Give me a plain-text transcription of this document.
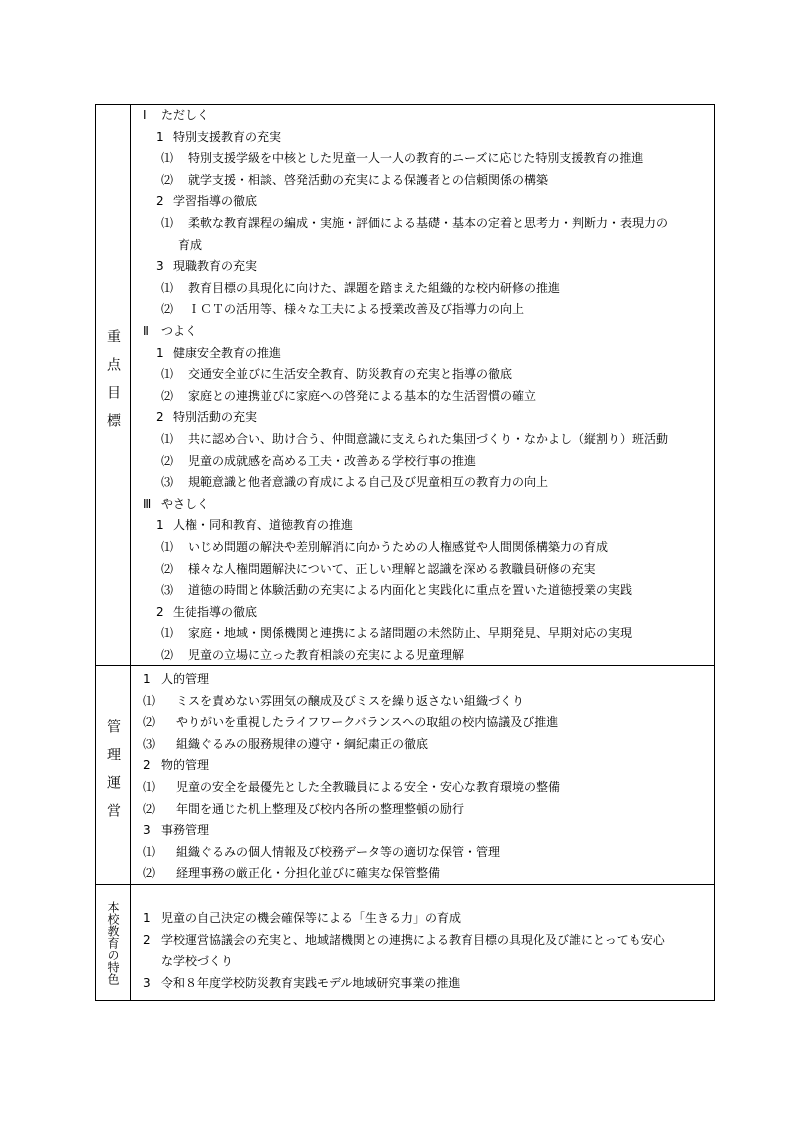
重点目標
Ⅰ ただしく
1 特別支援教育の充実
⑴ 特別支援学級を中核とした児童一人一人の教育的ニーズに応じた特別支援教育の推進
⑵ 就学支援・相談、啓発活動の充実による保護者との信頼関係の構築
2 学習指導の徹底
⑴ 柔軟な教育課程の編成・実施・評価による基礎・基本の定着と思考力・判断力・表現力の
育成
3 現職教育の充実
⑴ 教育目標の具現化に向けた、課題を踏まえた組織的な校内研修の推進
⑵ ＩＣＴの活用等、様々な工夫による授業改善及び指導力の向上
Ⅱ つよく
1 健康安全教育の推進
⑴ 交通安全並びに生活安全教育、防災教育の充実と指導の徹底
⑵ 家庭との連携並びに家庭への啓発による基本的な生活習慣の確立
2 特別活動の充実
⑴ 共に認め合い、助け合う、仲間意識に支えられた集団づくり・なかよし（縦割り）班活動
⑵ 児童の成就感を高める工夫・改善ある学校行事の推進
⑶ 規範意識と他者意識の育成による自己及び児童相互の教育力の向上
Ⅲ やさしく
1 人権・同和教育、道徳教育の推進
⑴ いじめ問題の解決や差別解消に向かうための人権感覚や人間関係構築力の育成
⑵ 様々な人権問題解決について、正しい理解と認識を深める教職員研修の充実
⑶ 道徳の時間と体験活動の充実による内面化と実践化に重点を置いた道徳授業の実践
2 生徒指導の徹底
⑴ 家庭・地域・関係機関と連携による諸問題の未然防止、早期発見、早期対応の実現
⑵ 児童の立場に立った教育相談の充実による児童理解
管理運営
1 人的管理
⑴ ミスを責めない雰囲気の醸成及びミスを繰り返さない組織づくり
⑵ やりがいを重視したライフワークバランスへの取組の校内協議及び推進
⑶ 組織ぐるみの服務規律の遵守・綱紀粛正の徹底
2 物的管理
⑴ 児童の安全を最優先とした全教職員による安全・安心な教育環境の整備
⑵ 年間を通じた机上整理及び校内各所の整理整頓の励行
3 事務管理
⑴ 組織ぐるみの個人情報及び校務データ等の適切な保管・管理
⑵ 経理事務の厳正化・分担化並びに確実な保管整備
本校教育の特色 1 児童の自己決定の機会確保等による「生きる力」の育成
2 学校運営協議会の充実と、地域諸機関との連携による教育目標の具現化及び誰にとっても安心
な学校づくり
3 令和８年度学校防災教育実践モデル地域研究事業の推進
